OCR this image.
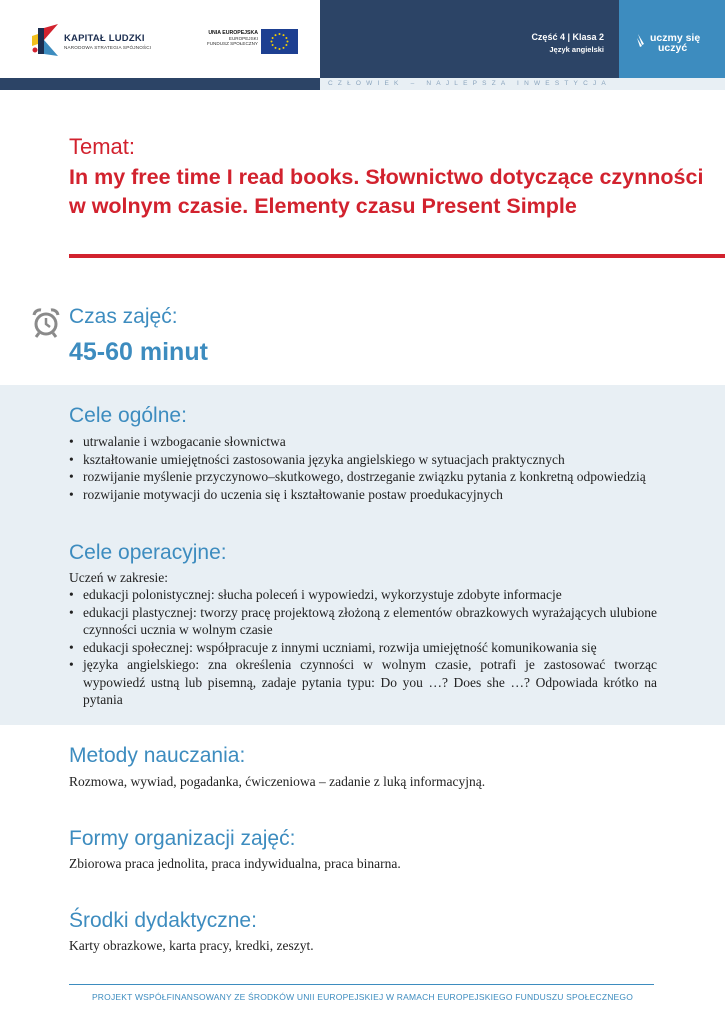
CZŁOWIEK – NAJLEPSZA INWESTYCJA
KAPITAŁ LUDZKI
NARODOWA STRATEGIA SPÓJNOŚCI
UNIA EUROPEJSKA
EUROPEJSKI
FUNDUSZ SPOŁECZNY
Część 4 | Klasa 2
Język angielski
uczmy się
uczyć
Temat:
In my free time I read books. Słownictwo dotyczące czynności w wolnym czasie. Elementy czasu Present Simple
Czas zajęć:
45-60 minut
Cele ogólne:
• utrwalanie i wzbogacanie słownictwa
• kształtowanie umiejętności zastosowania języka angielskiego w sytuacjach praktycznych
• rozwijanie myślenie przyczynowo–skutkowego, dostrzeganie związku pytania z konkretną odpowiedzią
• rozwijanie motywacji do uczenia się i kształtowanie postaw proedukacyjnych
Cele operacyjne:
Uczeń w zakresie:
• edukacji polonistycznej: słucha poleceń i wypowiedzi, wykorzystuje zdobyte informacje
• edukacji plastycznej: tworzy pracę projektową złożoną z elementów obrazkowych wyrażających ulubione czynności ucznia w wolnym czasie
• edukacji społecznej: współpracuje z innymi uczniami, rozwija umiejętność komunikowania się
• języka angielskiego: zna określenia czynności w wolnym czasie, potrafi je zastosować tworząc wypowiedź ustną lub pisemną, zadaje pytania typu: Do you …? Does she …? Odpowiada krótko na pytania
Metody nauczania:
Rozmowa, wywiad, pogadanka, ćwiczeniowa – zadanie z luką informacyjną.
Formy organizacji zajęć:
Zbiorowa praca jednolita, praca indywidualna, praca binarna.
Środki dydaktyczne:
Karty obrazkowe, karta pracy, kredki, zeszyt.
PROJEKT WSPÓŁFINANSOWANY ZE ŚRODKÓW UNII EUROPEJSKIEJ W RAMACH EUROPEJSKIEGO FUNDUSZU SPOŁECZNEGO
